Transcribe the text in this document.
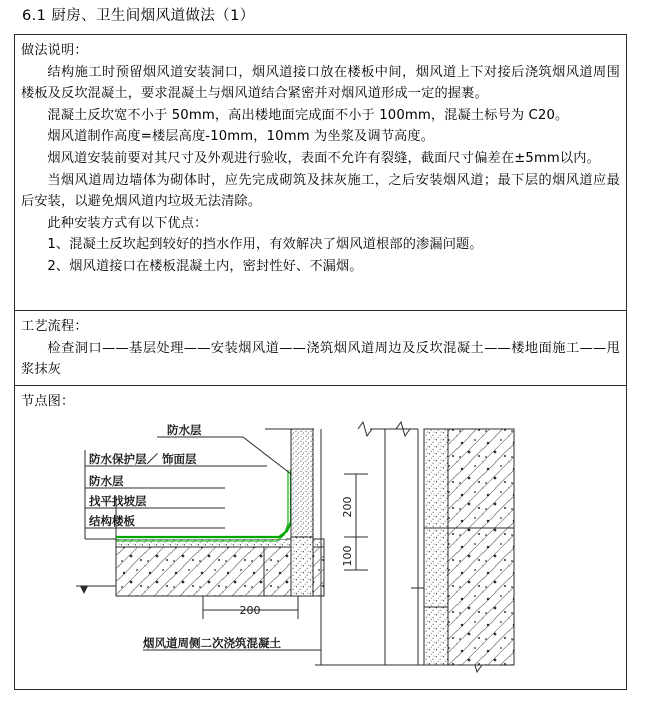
6.1 厨房、卫生间烟风道做法（1）

做法说明：

结构施工时预留烟风道安装洞口，烟风道接口放在楼板中间，烟风道上下对接后浇筑烟风道周围楼板及反坎混凝土，要求混凝土与烟风道结合紧密并对烟风道形成一定的握裹。

混凝土反坎宽不小于 50mm，高出楼地面完成面不小于 100mm，混凝土标号为 C20。

烟风道制作高度=楼层高度-10mm，10mm 为坐浆及调节高度。

烟风道安装前要对其尺寸及外观进行验收，表面不允许有裂缝，截面尺寸偏差在±5mm以内。

当烟风道周边墙体为砌体时，应先完成砌筑及抹灰施工，之后安装烟风道；最下层的烟风道应最后安装，以避免烟风道内垃圾无法清除。

此种安装方式有以下优点：

1、混凝土反坎起到较好的挡水作用，有效解决了烟风道根部的渗漏问题。

2、烟风道接口在楼板混凝土内，密封性好、不漏烟。

工艺流程：

检查洞口——基层处理——安装烟风道——浇筑烟风道周边及反坎混凝土——楼地面施工——甩浆抹灰

节点图：

防水层
防水保护层／ 饰面层
防水层
找平找坡层
结构楼板
烟风道周侧二次浇筑混凝土
200
100
200
